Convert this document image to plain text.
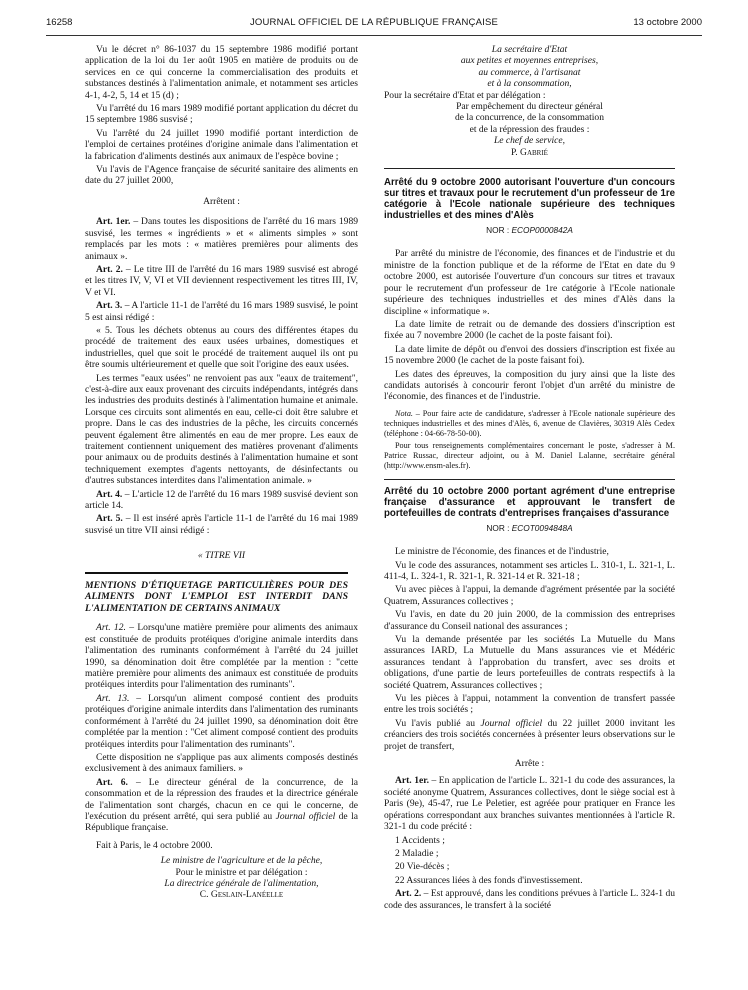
16258	JOURNAL OFFICIEL DE LA RÉPUBLIQUE FRANÇAISE	13 octobre 2000

Vu le décret n° 86-1037 du 15 septembre 1986 modifié portant application de la loi du 1er août 1905 en matière de produits ou de services en ce qui concerne la commercialisation des produits et substances destinés à l'alimentation animale, et notamment ses articles 4-1, 4-2, 5, 14 et 15 (d) ;

Vu l'arrêté du 16 mars 1989 modifié portant application du décret du 15 septembre 1986 susvisé ;

Vu l'arrêté du 24 juillet 1990 modifié portant interdiction de l'emploi de certaines protéines d'origine animale dans l'alimentation et la fabrication d'aliments destinés aux animaux de l'espèce bovine ;

Vu l'avis de l'Agence française de sécurité sanitaire des aliments en date du 27 juillet 2000,

Arrêtent :

Art. 1er. – Dans toutes les dispositions de l'arrêté du 16 mars 1989 susvisé, les termes « ingrédients » et « aliments simples » sont remplacés par les mots : « matières premières pour aliments des animaux ».

Art. 2. – Le titre III de l'arrêté du 16 mars 1989 susvisé est abrogé et les titres IV, V, VI et VII deviennent respectivement les titres III, IV, V et VI.

Art. 3. – A l'article 11-1 de l'arrêté du 16 mars 1989 susvisé, le point 5 est ainsi rédigé :

« 5. Tous les déchets obtenus au cours des différentes étapes du procédé de traitement des eaux usées urbaines, domestiques et industrielles, quel que soit le procédé de traitement auquel ils ont pu être soumis ultérieurement et quelle que soit l'origine des eaux usées.

Les termes "eaux usées" ne renvoient pas aux "eaux de traitement", c'est-à-dire aux eaux provenant des circuits indépendants, intégrés dans les industries des produits destinés à l'alimentation humaine et animale. Lorsque ces circuits sont alimentés en eau, celle-ci doit être salubre et propre. Dans le cas des industries de la pêche, les circuits concernés peuvent également être alimentés en eau de mer propre. Les eaux de traitement contiennent uniquement des matières provenant d'aliments pour animaux ou de produits destinés à l'alimentation humaine et sont techniquement exemptes d'agents nettoyants, de désinfectants ou d'autres substances interdites dans l'alimentation animale. »

Art. 4. – L'article 12 de l'arrêté du 16 mars 1989 susvisé devient son article 14.

Art. 5. – Il est inséré après l'article 11-1 de l'arrêté du 16 mai 1989 susvisé un titre VII ainsi rédigé :

« TITRE VII
MENTIONS D'ÉTIQUETAGE PARTICULIÈRES POUR DES ALIMENTS DONT L'EMPLOI EST INTERDIT DANS L'ALIMENTATION DE CERTAINS ANIMAUX

Art. 12. – Lorsqu'une matière première pour aliments des animaux est constituée de produits protéiques d'origine animale interdits dans l'alimentation des ruminants conformément à l'arrêté du 24 juillet 1990, sa dénomination doit être complétée par la mention : "cette matière première pour aliments des animaux est constituée de produits protéiques interdits pour l'alimentation des ruminants".

Art. 13. – Lorsqu'un aliment composé contient des produits protéiques d'origine animale interdits dans l'alimentation des ruminants conformément à l'arrêté du 24 juillet 1990, sa dénomination doit être complétée par la mention : "Cet aliment composé contient des produits protéiques interdits pour l'alimentation des ruminants".

Cette disposition ne s'applique pas aux aliments composés destinés exclusivement à des animaux familiers. »

Art. 6. – Le directeur général de la concurrence, de la consommation et de la répression des fraudes et la directrice générale de l'alimentation sont chargés, chacun en ce qui le concerne, de l'exécution du présent arrêté, qui sera publié au Journal officiel de la République française.

Fait à Paris, le 4 octobre 2000.

Le ministre de l'agriculture et de la pêche,
Pour le ministre et par délégation :
La directrice générale de l'alimentation,
C. Geslain-Lanéelle
La secrétaire d'Etat
aux petites et moyennes entreprises,
au commerce, à l'artisanat
et à la consommation,
Pour la secrétaire d'Etat et par délégation :
Par empêchement du directeur général
de la concurrence, de la consommation
et de la répression des fraudes :
Le chef de service,
P. Gabrié
Arrêté du 9 octobre 2000 autorisant l'ouverture d'un concours sur titres et travaux pour le recrutement d'un professeur de 1re catégorie à l'Ecole nationale supérieure des techniques industrielles et des mines d'Alès
NOR : ECOP0000842A

Par arrêté du ministre de l'économie, des finances et de l'industrie et du ministre de la fonction publique et de la réforme de l'Etat en date du 9 octobre 2000, est autorisée l'ouverture d'un concours sur titres et travaux pour le recrutement d'un professeur de 1re catégorie à l'Ecole nationale supérieure des techniques industrielles et des mines d'Alès dans la discipline « informatique ».

La date limite de retrait ou de demande des dossiers d'inscription est fixée au 7 novembre 2000 (le cachet de la poste faisant foi).

La date limite de dépôt ou d'envoi des dossiers d'inscription est fixée au 15 novembre 2000 (le cachet de la poste faisant foi).

Les dates des épreuves, la composition du jury ainsi que la liste des candidats autorisés à concourir feront l'objet d'un arrêté du ministre de l'économie, des finances et de l'industrie.

Nota. – Pour faire acte de candidature, s'adresser à l'Ecole nationale supérieure des techniques industrielles et des mines d'Alès, 6, avenue de Clavières, 30319 Alès Cedex (téléphone : 04-66-78-50-00).

Pour tous renseignements complémentaires concernant le poste, s'adresser à M. Patrice Russac, directeur adjoint, ou à M. Daniel Lalanne, secrétaire général (http://www.ensm-ales.fr).

Arrêté du 10 octobre 2000 portant agrément d'une entreprise française d'assurance et approuvant le transfert de portefeuilles de contrats d'entreprises françaises d'assurance
NOR : ECOT0094848A

Le ministre de l'économie, des finances et de l'industrie,

Vu le code des assurances, notamment ses articles L. 310-1, L. 321-1, L. 411-4, L. 324-1, R. 321-1, R. 321-14 et R. 321-18 ;

Vu avec pièces à l'appui, la demande d'agrément présentée par la société Quatrem, Assurances collectives ;

Vu l'avis, en date du 20 juin 2000, de la commission des entreprises d'assurance du Conseil national des assurances ;

Vu la demande présentée par les sociétés La Mutuelle du Mans assurances IARD, La Mutuelle du Mans assurances vie et Médéric assurances tendant à l'approbation du transfert, avec ses droits et obligations, d'une partie de leurs portefeuilles de contrats respectifs à la société Quatrem, Assurances collectives ;

Vu les pièces à l'appui, notamment la convention de transfert passée entre les trois sociétés ;

Vu l'avis publié au Journal officiel du 22 juillet 2000 invitant les créanciers des trois sociétés concernées à présenter leurs observations sur le projet de transfert,

Arrête :

Art. 1er. – En application de l'article L. 321-1 du code des assurances, la société anonyme Quatrem, Assurances collectives, dont le siège social est à Paris (9e), 45-47, rue Le Peletier, est agréée pour pratiquer en France les opérations correspondant aux branches suivantes mentionnées à l'article R. 321-1 du code précité :

1 Accidents ;

2 Maladie ;

20 Vie-décès ;

22 Assurances liées à des fonds d'investissement.

Art. 2. – Est approuvé, dans les conditions prévues à l'article L. 324-1 du code des assurances, le transfert à la société
